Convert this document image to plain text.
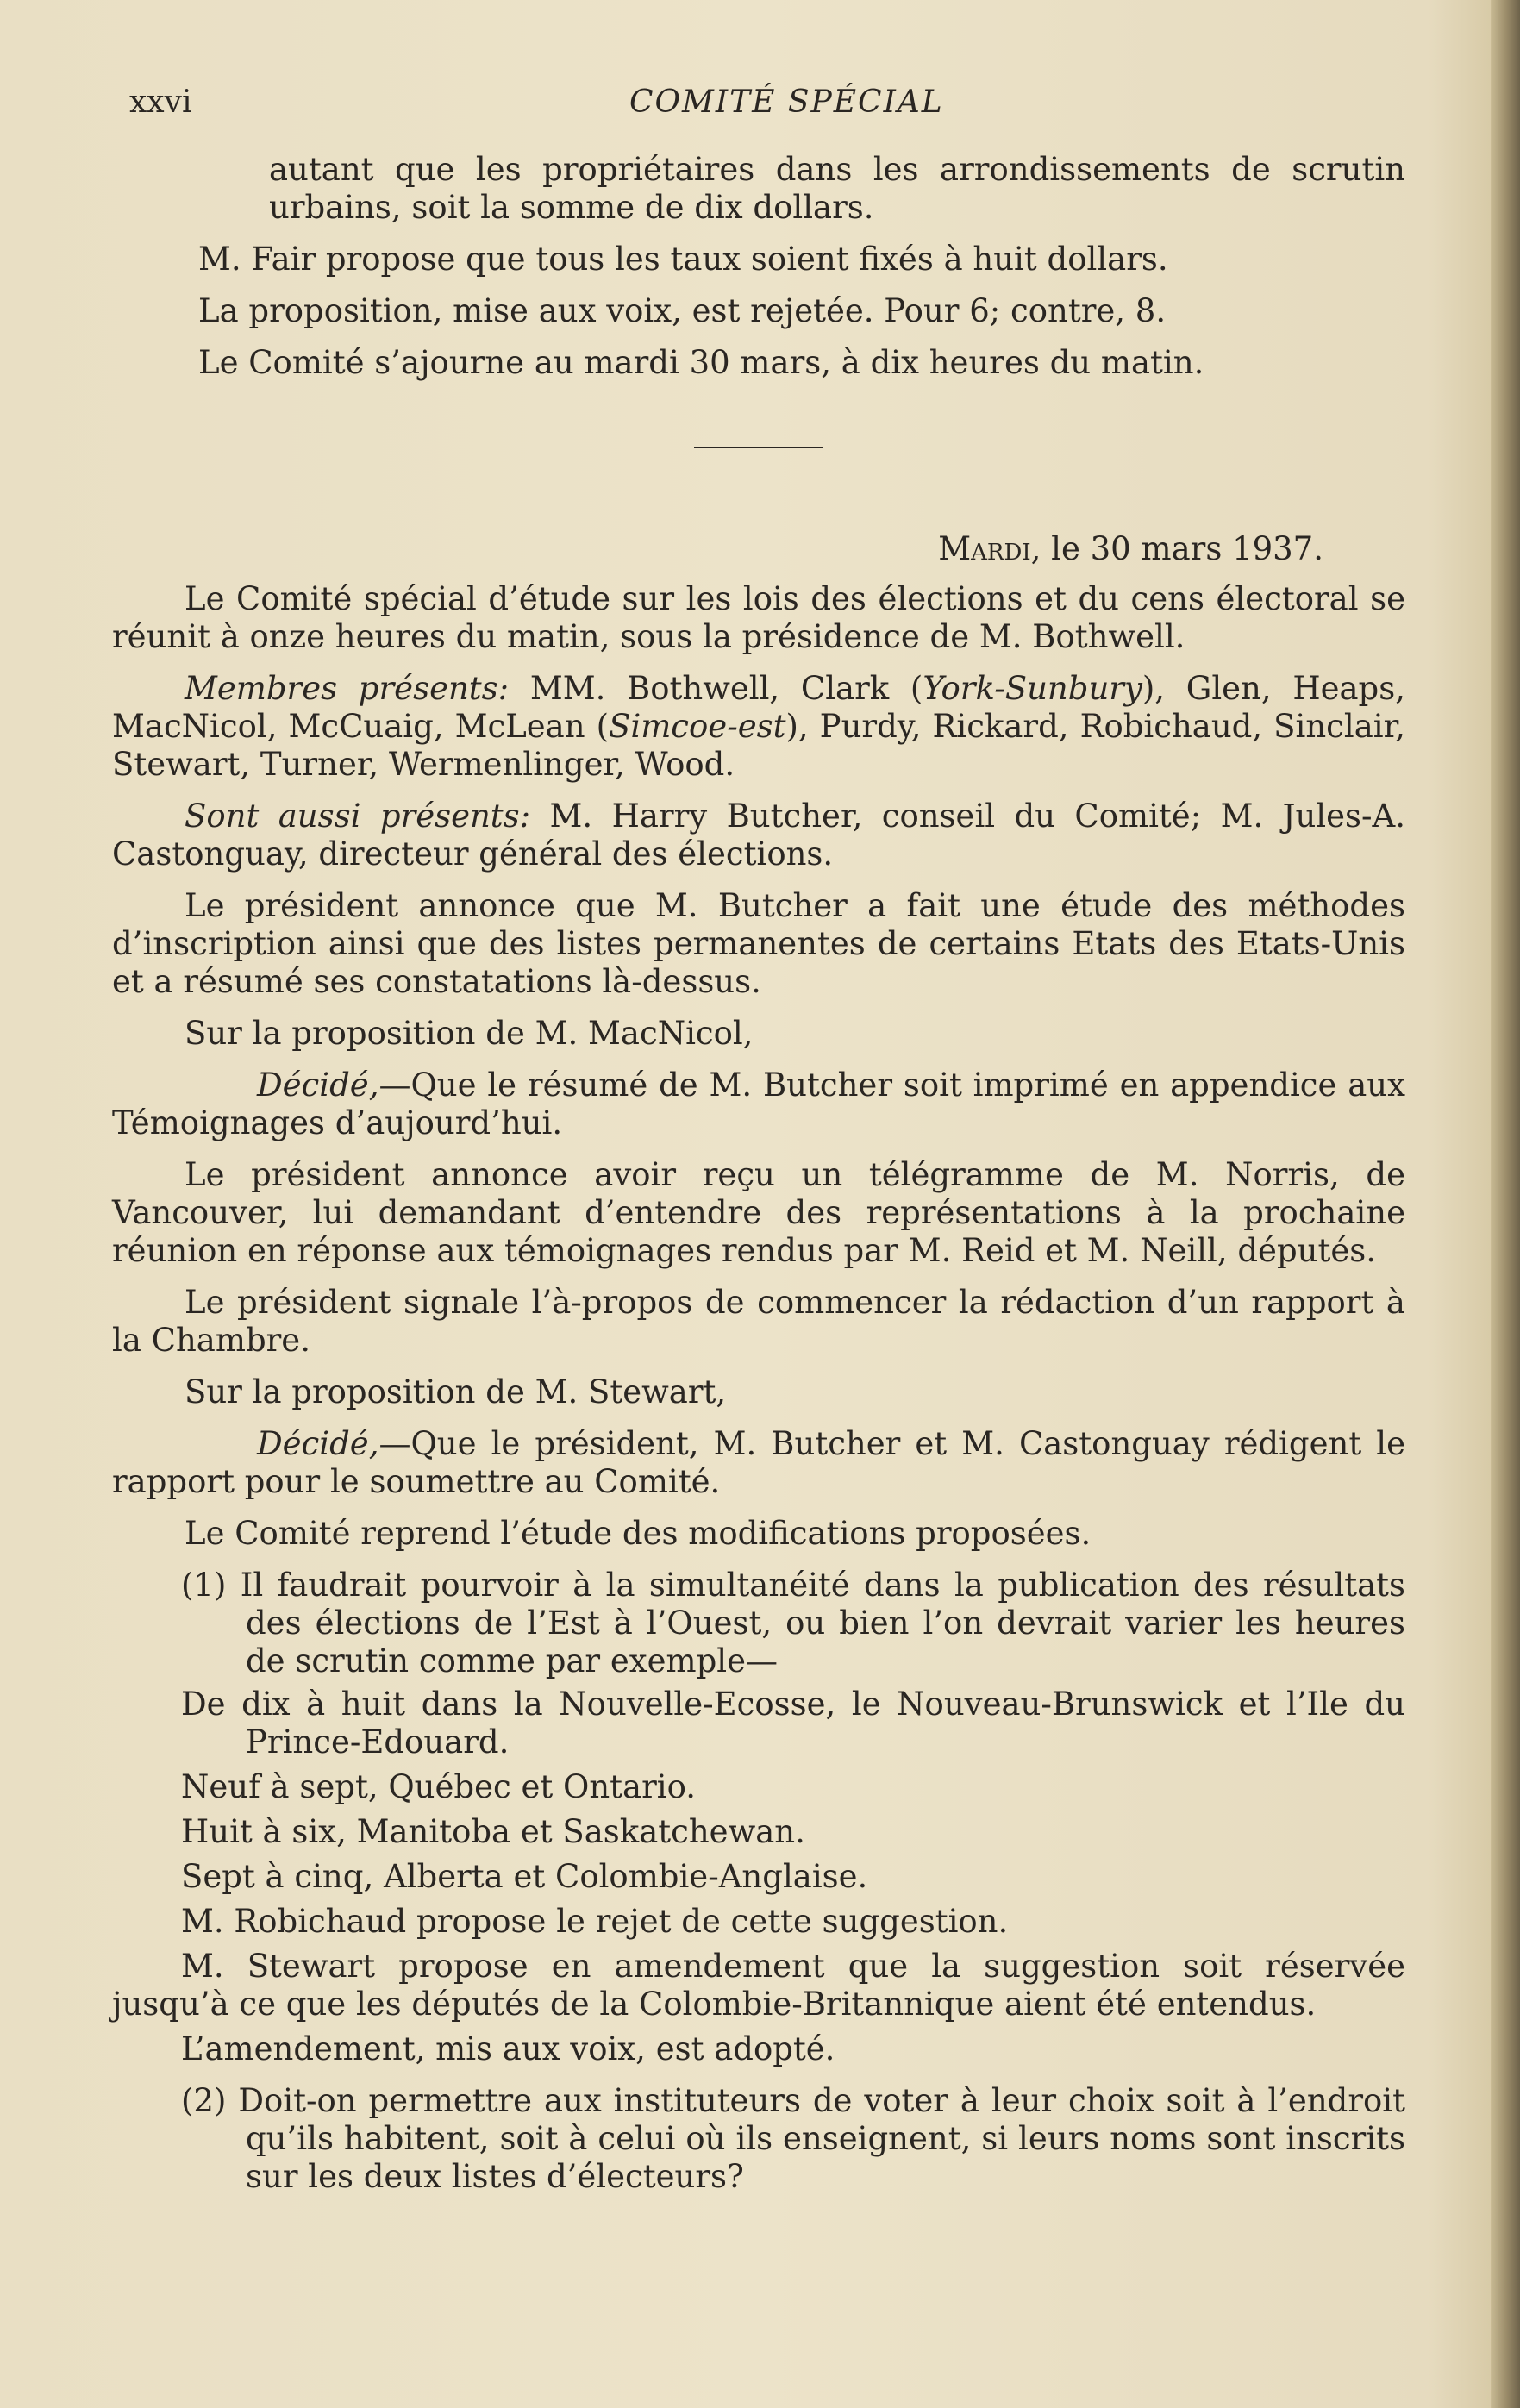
xxvi	COMITÉ SPÉCIAL

autant que les propriétaires dans les arrondissements de scrutin urbains, soit la somme de dix dollars.

M. Fair propose que tous les taux soient fixés à huit dollars.

La proposition, mise aux voix, est rejetée. Pour 6; contre, 8.

Le Comité s’ajourne au mardi 30 mars, à dix heures du matin.

Mardi, le 30 mars 1937.

Le Comité spécial d’étude sur les lois des élections et du cens électoral se réunit à onze heures du matin, sous la présidence de M. Bothwell.

Membres présents: MM. Bothwell, Clark (York-Sunbury), Glen, Heaps, MacNicol, McCuaig, McLean (Simcoe-est), Purdy, Rickard, Robichaud, Sinclair, Stewart, Turner, Wermenlinger, Wood.

Sont aussi présents: M. Harry Butcher, conseil du Comité; M. Jules-A. Castonguay, directeur général des élections.

Le président annonce que M. Butcher a fait une étude des méthodes d’inscription ainsi que des listes permanentes de certains Etats des Etats-Unis et a résumé ses constatations là-dessus.

Sur la proposition de M. MacNicol,

Décidé,—Que le résumé de M. Butcher soit imprimé en appendice aux Témoignages d’aujourd’hui.

Le président annonce avoir reçu un télégramme de M. Norris, de Vancouver, lui demandant d’entendre des représentations à la prochaine réunion en réponse aux témoignages rendus par M. Reid et M. Neill, députés.

Le président signale l’à-propos de commencer la rédaction d’un rapport à la Chambre.

Sur la proposition de M. Stewart,

Décidé,—Que le président, M. Butcher et M. Castonguay rédigent le rapport pour le soumettre au Comité.

Le Comité reprend l’étude des modifications proposées.

(1) Il faudrait pourvoir à la simultanéité dans la publication des résultats des élections de l’Est à l’Ouest, ou bien l’on devrait varier les heures de scrutin comme par exemple—

De dix à huit dans la Nouvelle-Ecosse, le Nouveau-Brunswick et l’Ile du Prince-Edouard.

Neuf à sept, Québec et Ontario.

Huit à six, Manitoba et Saskatchewan.

Sept à cinq, Alberta et Colombie-Anglaise.

M. Robichaud propose le rejet de cette suggestion.

M. Stewart propose en amendement que la suggestion soit réservée jusqu’à ce que les députés de la Colombie-Britannique aient été entendus.

L’amendement, mis aux voix, est adopté.

(2) Doit-on permettre aux instituteurs de voter à leur choix soit à l’endroit qu’ils habitent, soit à celui où ils enseignent, si leurs noms sont inscrits sur les deux listes d’électeurs?
